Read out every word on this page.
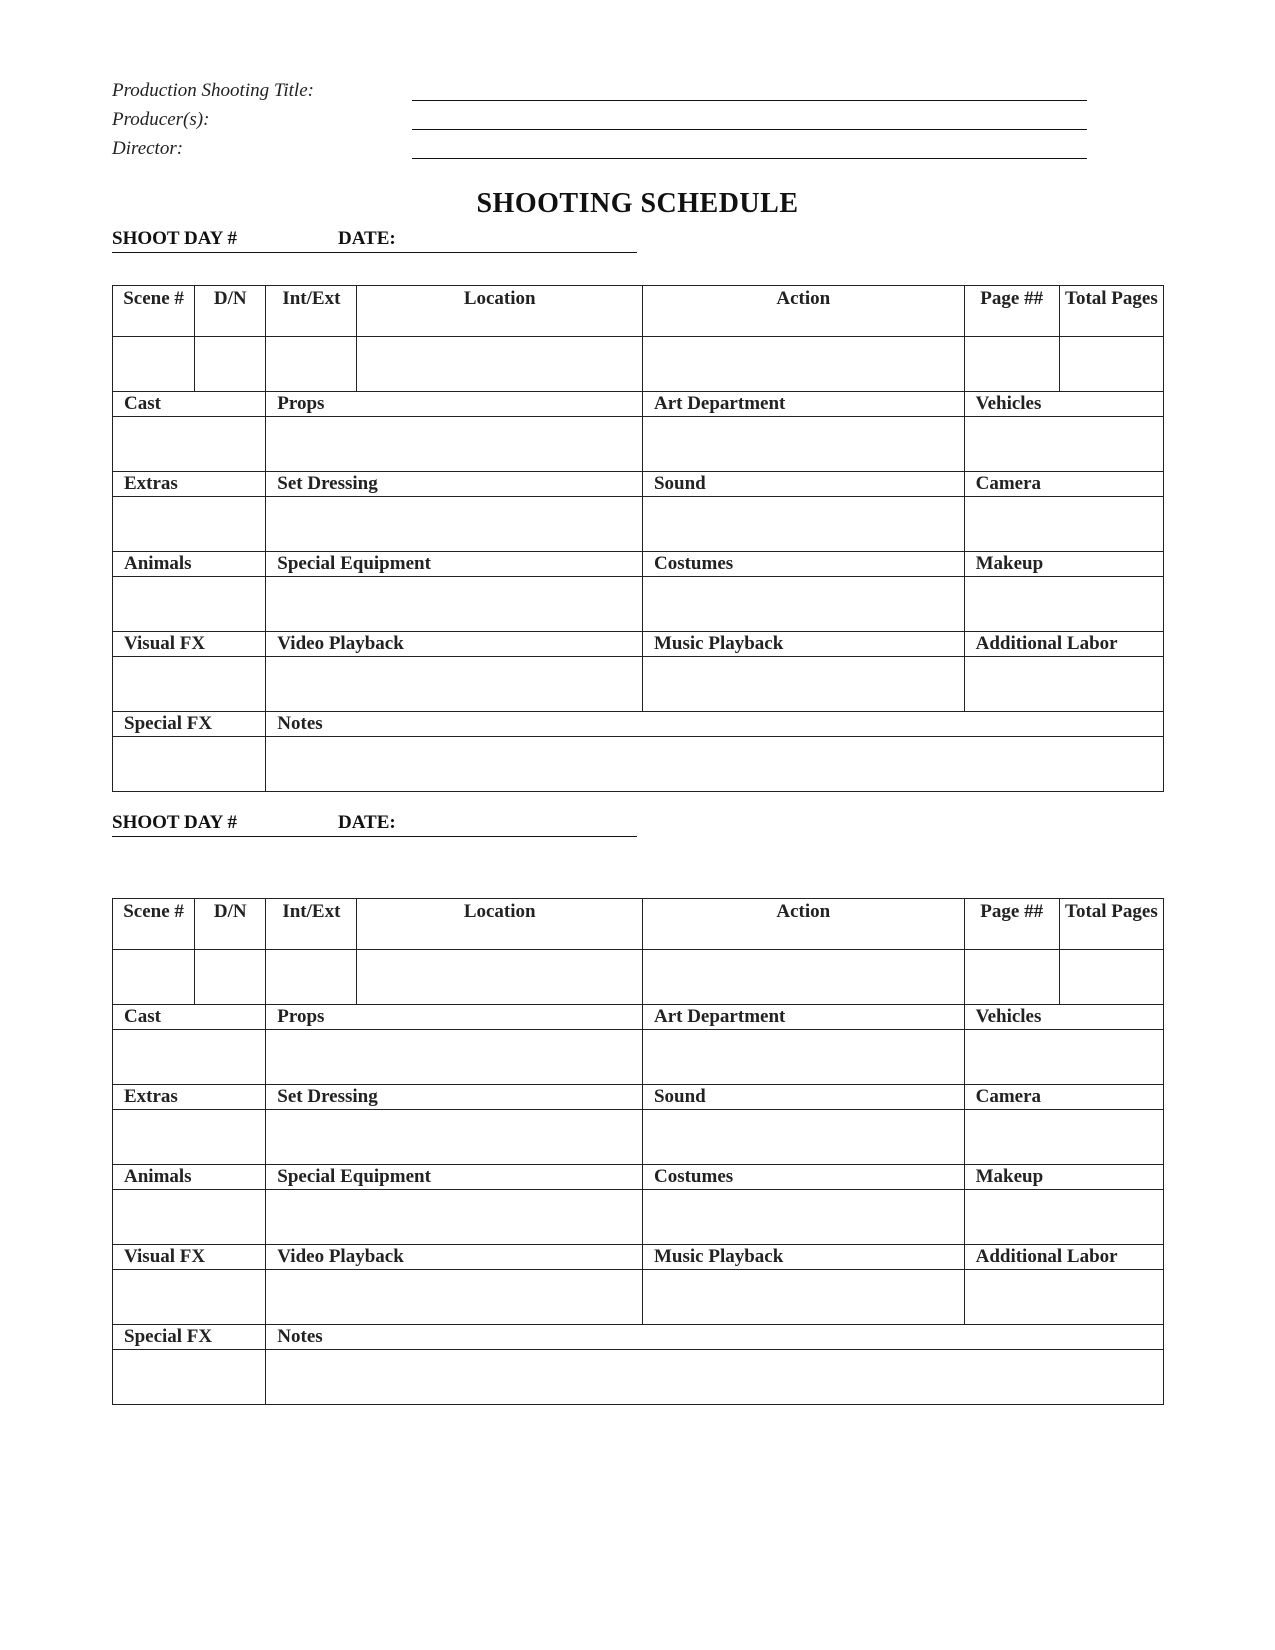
Production Shooting Title:
Producer(s):
Director:
SHOOTING SCHEDULE
SHOOT DAY #	DATE:
Scene #	D/N	Int/Ext	Location	Action	Page ##	Total Pages

Cast		Props		Art Department	Vehicles	

Extras		Set Dressing		Sound	Camera	

Animals		Special Equipment		Costumes	Makeup	

Visual FX		Video Playback		Music Playback	Additional Labor	

Special FX		Notes				

SHOOT DAY #	DATE:
Scene #	D/N	Int/Ext	Location	Action	Page ##	Total Pages

Cast		Props		Art Department	Vehicles	

Extras		Set Dressing		Sound	Camera	

Animals		Special Equipment		Costumes	Makeup	

Visual FX		Video Playback		Music Playback	Additional Labor	

Special FX		Notes				
